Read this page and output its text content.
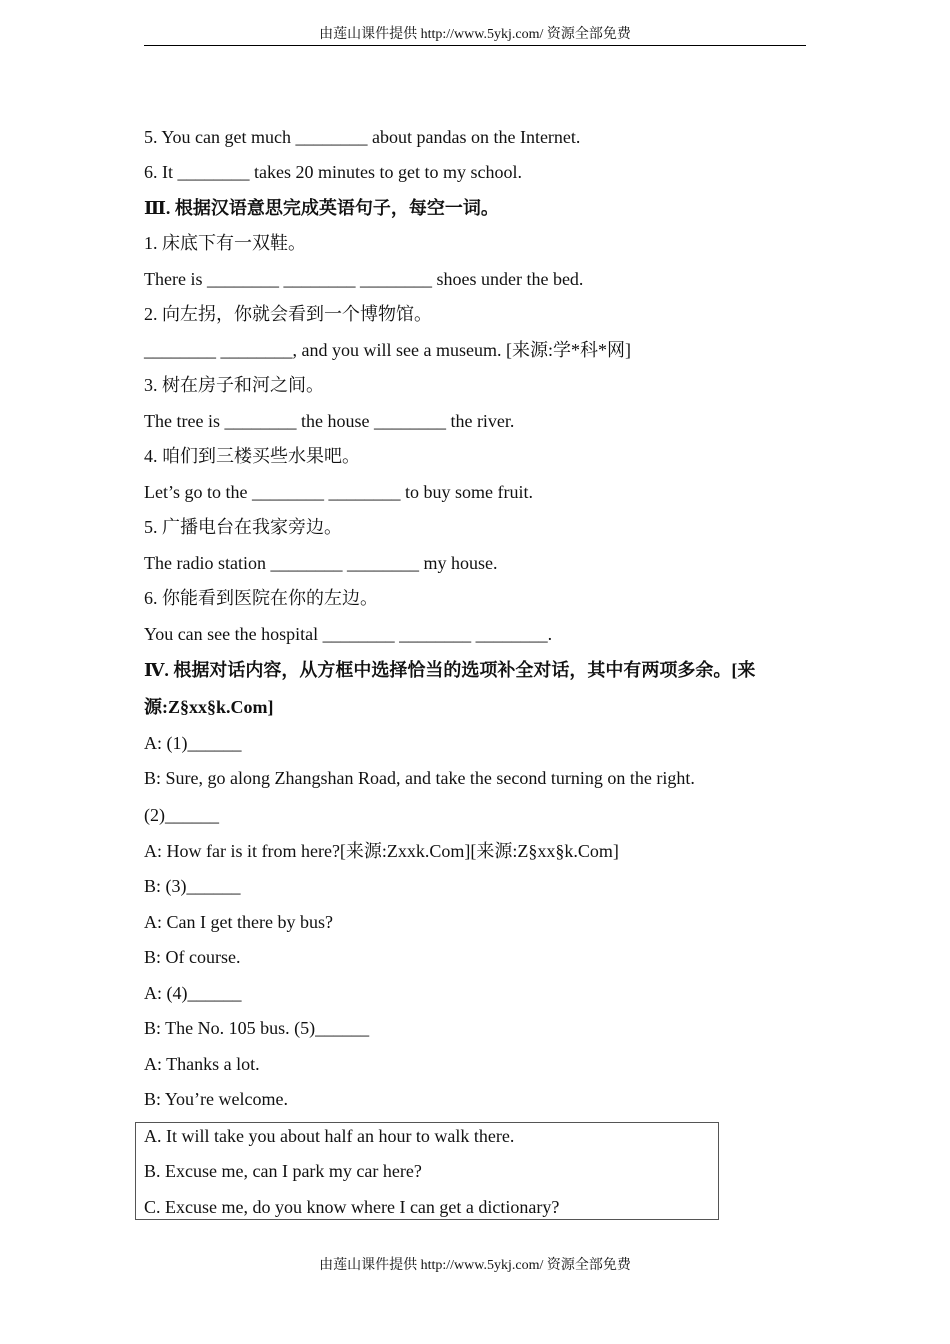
由莲山课件提供 http://www.5ykj.com/ 资源全部免费
5. You can get much ________ about pandas on the Internet.
6. It ________ takes 20 minutes to get to my school.
Ⅲ. 根据汉语意思完成英语句子，每空一词。
1. 床底下有一双鞋。
There is ________ ________ ________ shoes under the bed.
2. 向左拐，你就会看到一个博物馆。
________ ________, and you will see a museum. [来源:学*科*网]
3. 树在房子和河之间。
The tree is ________ the house ________ the river.
4. 咱们到三楼买些水果吧。
Let’s go to the ________ ________ to buy some fruit.
5. 广播电台在我家旁边。
The radio station ________ ________ my house.
6. 你能看到医院在你的左边。
You can see the hospital ________ ________ ________.
Ⅳ. 根据对话内容，从方框中选择恰当的选项补全对话，其中有两项多余。[来
源:Z§xx§k.Com]
A: (1)______
B: Sure, go along Zhangshan Road, and take the second turning on the right.
(2)______
A: How far is it from here?[来源:Zxxk.Com][来源:Z§xx§k.Com]
B: (3)______
A: Can I get there by bus?
B: Of course.
A: (4)______
B: The No. 105 bus. (5)______
A: Thanks a lot.
B: You’re welcome.
A. It will take you about half an hour to walk there.
B. Excuse me, can I park my car here?
C. Excuse me, do you know where I can get a dictionary?
由莲山课件提供 http://www.5ykj.com/ 资源全部免费
